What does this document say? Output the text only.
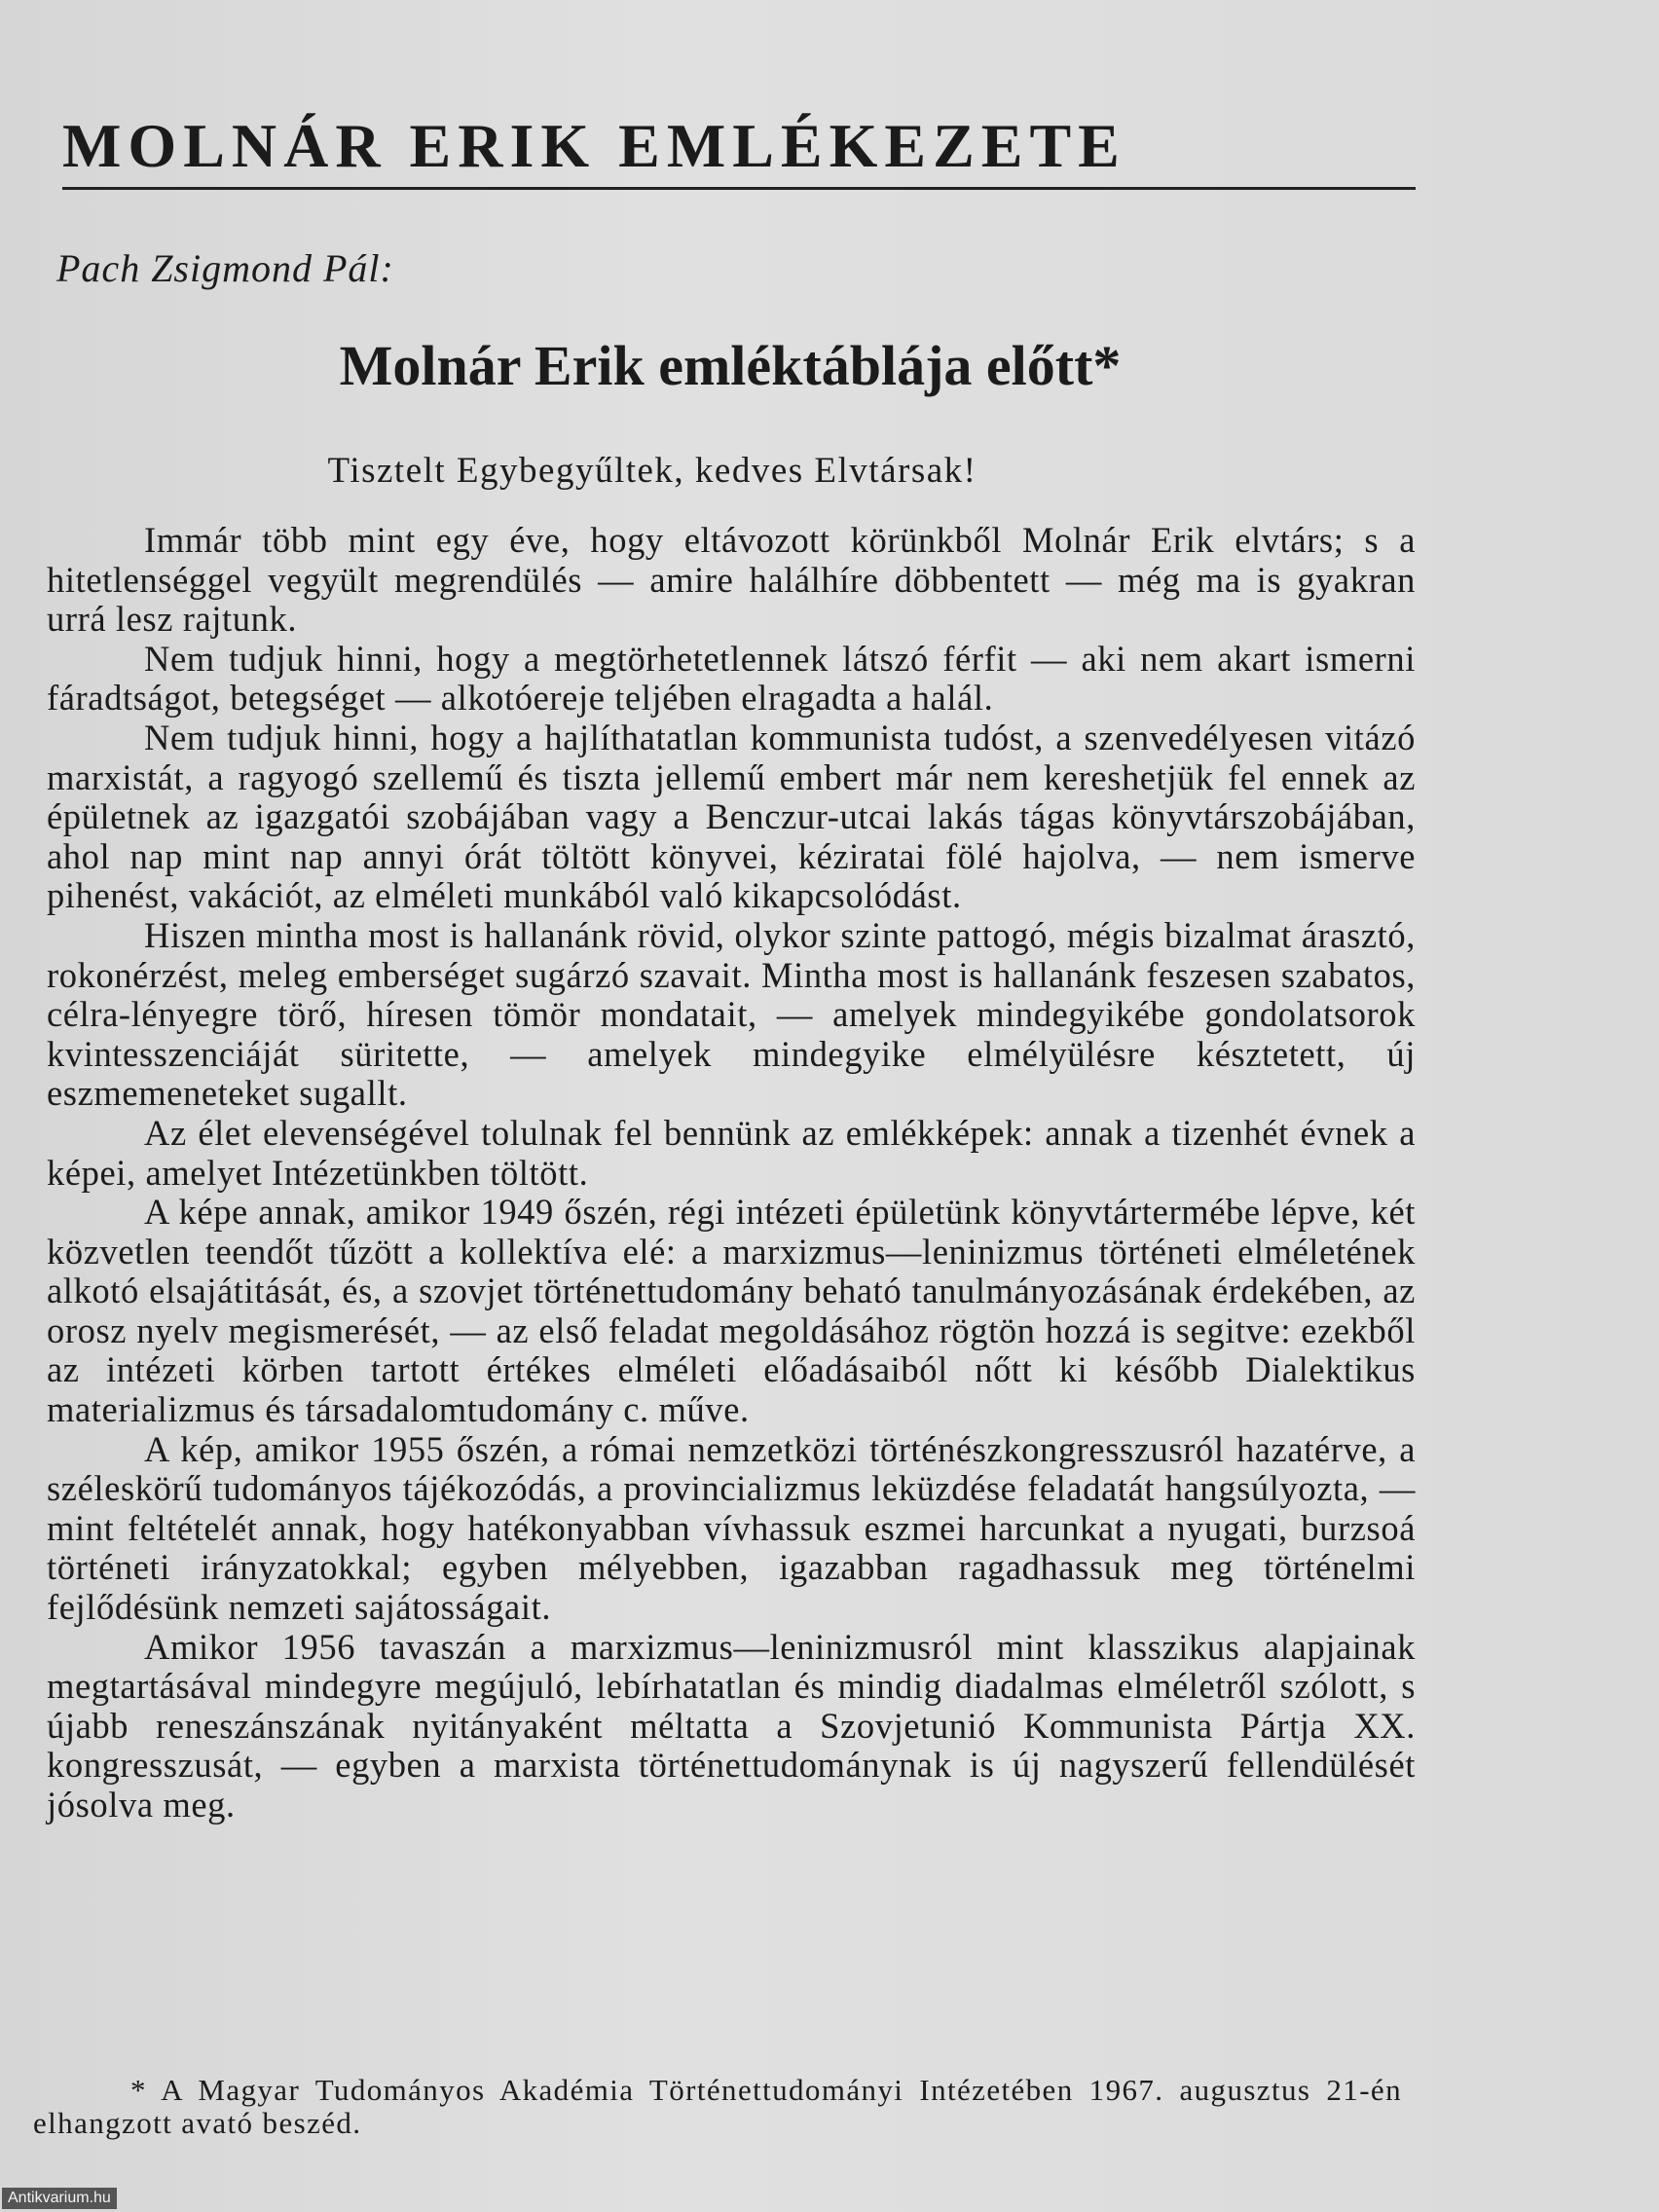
MOLNÁR ERIK EMLÉKEZETE
Pach Zsigmond Pál:
Molnár Erik emléktáblája előtt*
Tisztelt Egybegyűltek, kedves Elvtársak!

Immár több mint egy éve, hogy eltávozott körünkből Molnár Erik elvtárs; s a hitetlenséggel vegyült megrendülés — amire halálhíre döbbentett — még ma is gyakran urrá lesz rajtunk.

Nem tudjuk hinni, hogy a megtörhetetlennek látszó férfit — aki nem akart ismerni fáradtságot, betegséget — alkotóereje teljében elragadta a halál.

Nem tudjuk hinni, hogy a hajlíthatatlan kommunista tudóst, a szenvedélyesen vitázó marxistát, a ragyogó szellemű és tiszta jellemű embert már nem kereshetjük fel ennek az épületnek az igazgatói szobájában vagy a Benczur-utcai lakás tágas könyvtárszobájában, ahol nap mint nap annyi órát töltött könyvei, kéziratai fölé hajolva, — nem ismerve pihenést, vakációt, az elméleti munkából való kikapcsolódást.

Hiszen mintha most is hallanánk rövid, olykor szinte pattogó, mégis bizalmat árasztó, rokonérzést, meleg emberséget sugárzó szavait. Mintha most is hallanánk feszesen szabatos, célra-lényegre törő, híresen tömör mondatait, — amelyek mindegyikébe gondolatsorok kvintesszenciáját süritette, — amelyek mindegyike elmélyülésre késztetett, új eszmemeneteket sugallt.

Az élet elevenségével tolulnak fel bennünk az emlékképek: annak a tizenhét évnek a képei, amelyet Intézetünkben töltött.

A képe annak, amikor 1949 őszén, régi intézeti épületünk könyvtártermébe lépve, két közvetlen teendőt tűzött a kollektíva elé: a marxizmus—leninizmus történeti elméletének alkotó elsajátitását, és, a szovjet történettudomány beható tanulmányozásának érdekében, az orosz nyelv megismerését, — az első feladat megoldásához rögtön hozzá is segitve: ezekből az intézeti körben tartott értékes elméleti előadásaiból nőtt ki később Dialektikus materializmus és társadalomtudomány c. műve.

A kép, amikor 1955 őszén, a római nemzetközi történészkongresszusról hazatérve, a széleskörű tudományos tájékozódás, a provincializmus leküzdése feladatát hangsúlyozta, — mint feltételét annak, hogy hatékonyabban vívhassuk eszmei harcunkat a nyugati, burzsoá történeti irányzatokkal; egyben mélyebben, igazabban ragadhassuk meg történelmi fejlődésünk nemzeti sajátosságait.

Amikor 1956 tavaszán a marxizmus—leninizmusról mint klasszikus alapjainak megtartásával mindegyre megújuló, lebírhatatlan és mindig diadalmas elméletről szólott, s újabb reneszánszának nyitányaként méltatta a Szovjetunió Kommunista Pártja XX. kongresszusát, — egyben a marxista történettudománynak is új nagyszerű fellendülését jósolva meg.

* A Magyar Tudományos Akadémia Történettudományi Intézetében 1967. augusztus 21-én elhangzott avató beszéd.

Antikvarium.hu
